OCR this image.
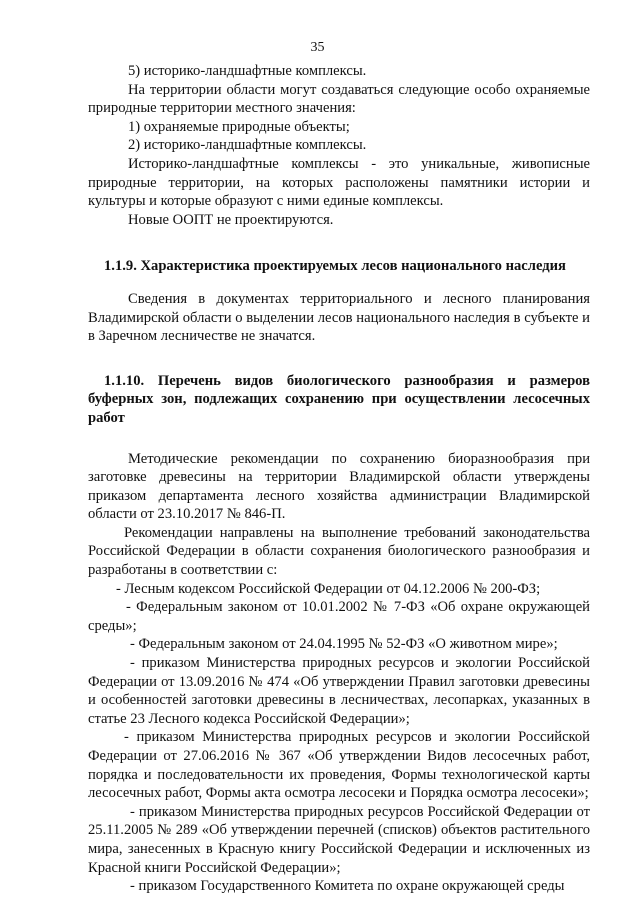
35

5) историко-ландшафтные комплексы.

На территории области могут создаваться следующие особо охраняемые природные территории местного значения:

1) охраняемые природные объекты;

2) историко-ландшафтные комплексы.

Историко-ландшафтные комплексы - это уникальные, живописные природные территории, на которых расположены памятники истории и культуры и которые образуют с ними единые комплексы.

Новые ООПТ не проектируются.

1.1.9. Характеристика проектируемых лесов национального наследия

Сведения в документах территориального и лесного планирования Владимирской области о выделении лесов национального наследия в субъекте и в Заречном лесничестве не значатся.

1.1.10. Перечень видов биологического разнообразия и размеров буферных зон, подлежащих сохранению при осуществлении лесосечных работ

Методические рекомендации по сохранению биоразнообразия при заготовке древесины на территории Владимирской области утверждены приказом департамента лесного хозяйства администрации Владимирской области от 23.10.2017 № 846-П.

Рекомендации направлены на выполнение требований законодательства Российской Федерации в области сохранения биологического разнообразия и разработаны в соответствии с:

- Лесным кодексом Российской Федерации от 04.12.2006 № 200-ФЗ;

- Федеральным законом от 10.01.2002 № 7-ФЗ «Об охране окружающей среды»;

- Федеральным законом от 24.04.1995 № 52-ФЗ «О животном мире»;

- приказом Министерства природных ресурсов и экологии Российской Федерации от 13.09.2016 № 474 «Об утверждении Правил заготовки древесины и особенностей заготовки древесины в лесничествах, лесопарках, указанных в статье 23 Лесного кодекса Российской Федерации»;

- приказом Министерства природных ресурсов и экологии Российской Федерации от 27.06.2016 № 367 «Об утверждении Видов лесосечных работ, порядка и последовательности их проведения, Формы технологической карты лесосечных работ, Формы акта осмотра лесосеки и Порядка осмотра лесосеки»;

- приказом Министерства природных ресурсов Российской Федерации от 25.11.2005 № 289 «Об утверждении перечней (списков) объектов растительного мира, занесенных в Красную книгу Российской Федерации и исключенных из Красной книги Российской Федерации»;

- приказом Государственного Комитета по охране окружающей среды
